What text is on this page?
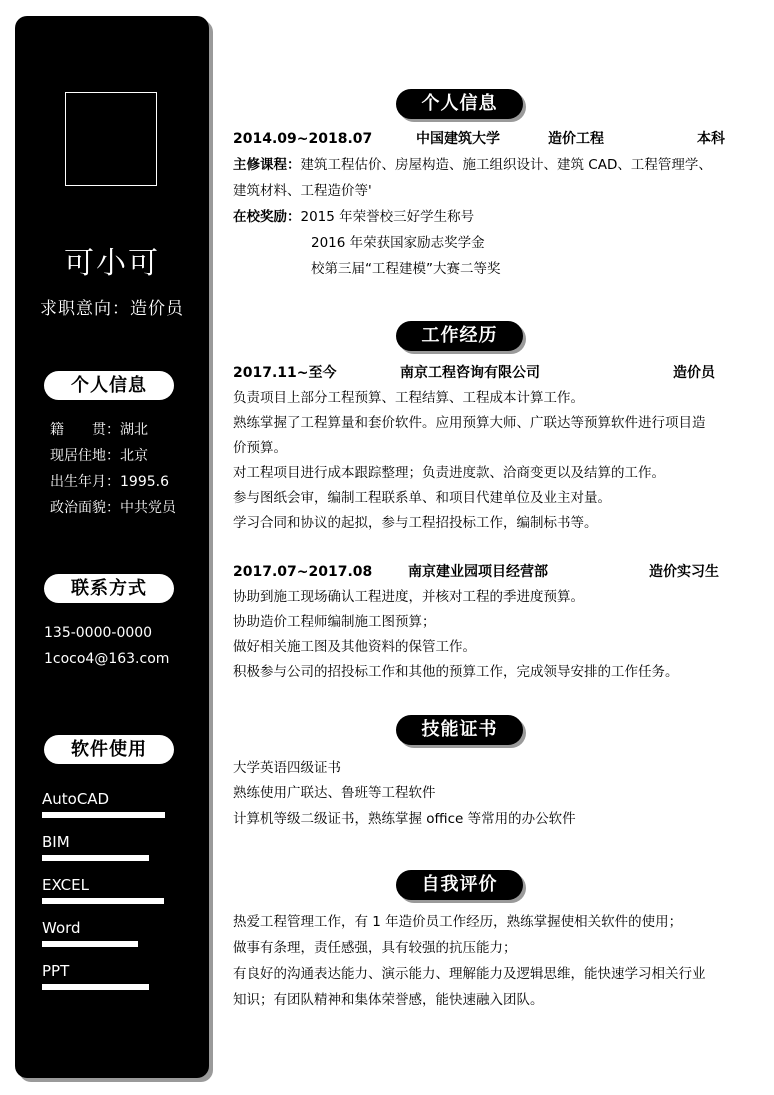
可小可
求职意向：造价员
个人信息
籍　　贯：湖北
现居住地：北京
出生年月：1995.6
政治面貌：中共党员
联系方式
135-0000-0000
1coco4@163.com
软件使用
AutoCAD
BIM
EXCEL
Word
PPT
个人信息
2014.09~2018.07	中国建筑大学	造价工程	本科
主修课程：建筑工程估价、房屋构造、施工组织设计、建筑 CAD、工程管理学、
建筑材料、工程造价等'
在校奖励：2015 年荣誉校三好学生称号
2016 年荣获国家励志奖学金
校第三届“工程建模”大赛二等奖
工作经历
2017.11~至今	南京工程咨询有限公司	造价员
负责项目上部分工程预算、工程结算、工程成本计算工作。
熟练掌握了工程算量和套价软件。应用预算大师、广联达等预算软件进行项目造
价预算。
对工程项目进行成本跟踪整理；负责进度款、洽商变更以及结算的工作。
参与图纸会审，编制工程联系单、和项目代建单位及业主对量。
学习合同和协议的起拟，参与工程招投标工作，编制标书等。
2017.07~2017.08	南京建业园项目经营部	造价实习生
协助到施工现场确认工程进度，并核对工程的季进度预算。
协助造价工程师编制施工图预算；
做好相关施工图及其他资料的保管工作。
积极参与公司的招投标工作和其他的预算工作，完成领导安排的工作任务。
技能证书
大学英语四级证书
熟练使用广联达、鲁班等工程软件
计算机等级二级证书，熟练掌握 office 等常用的办公软件
自我评价
热爱工程管理工作，有 1 年造价员工作经历，熟练掌握使相关软件的使用；
做事有条理，责任感强，具有较强的抗压能力；
有良好的沟通表达能力、演示能力、理解能力及逻辑思维，能快速学习相关行业
知识；有团队精神和集体荣誉感，能快速融入团队。
